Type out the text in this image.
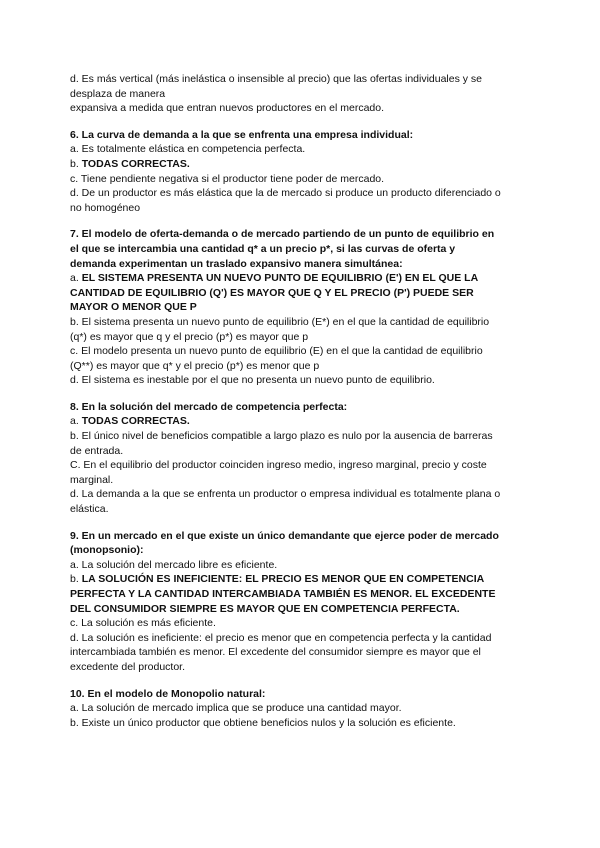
d. Es más vertical (más inelástica o insensible al precio) que las ofertas individuales y se
desplaza de manera
expansiva a medida que entran nuevos productores en el mercado.
6. La curva de demanda a la que se enfrenta una empresa individual:
a. Es totalmente elástica en competencia perfecta.
b. TODAS CORRECTAS.
c. Tiene pendiente negativa si el productor tiene poder de mercado.
d. De un productor es más elástica que la de mercado si produce un producto diferenciado o
no homogéneo
7. El modelo de oferta-demanda o de mercado partiendo de un punto de equilibrio en
el que se intercambia una cantidad q* a un precio p*, si las curvas de oferta y
demanda experimentan un traslado expansivo manera simultánea:
a. EL SISTEMA PRESENTA UN NUEVO PUNTO DE EQUILIBRIO (E') EN EL QUE LA
CANTIDAD DE EQUILIBRIO (Q') ES MAYOR QUE Q Y EL PRECIO (P') PUEDE SER
MAYOR O MENOR QUE P
b. El sistema presenta un nuevo punto de equilibrio (E*) en el que la cantidad de equilibrio
(q*) es mayor que q y el precio (p*) es mayor que p
c. El modelo presenta un nuevo punto de equilibrio (E) en el que la cantidad de equilibrio
(Q**) es mayor que q* y el precio (p*) es menor que p
d. El sistema es inestable por el que no presenta un nuevo punto de equilibrio.
8. En la solución del mercado de competencia perfecta:
a. TODAS CORRECTAS.
b. El único nivel de beneficios compatible a largo plazo es nulo por la ausencia de barreras
de entrada.
C. En el equilibrio del productor coinciden ingreso medio, ingreso marginal, precio y coste
marginal.
d. La demanda a la que se enfrenta un productor o empresa individual es totalmente plana o
elástica.
9. En un mercado en el que existe un único demandante que ejerce poder de mercado
(monopsonio):
a. La solución del mercado libre es eficiente.
b. LA SOLUCIÓN ES INEFICIENTE: EL PRECIO ES MENOR QUE EN COMPETENCIA
PERFECTA Y LA CANTIDAD INTERCAMBIADA TAMBIÉN ES MENOR. EL EXCEDENTE
DEL CONSUMIDOR SIEMPRE ES MAYOR QUE EN COMPETENCIA PERFECTA.
c. La solución es más eficiente.
d. La solución es ineficiente: el precio es menor que en competencia perfecta y la cantidad
intercambiada también es menor. El excedente del consumidor siempre es mayor que el
excedente del productor.
10. En el modelo de Monopolio natural:
a. La solución de mercado implica que se produce una cantidad mayor.
b. Existe un único productor que obtiene beneficios nulos y la solución es eficiente.
